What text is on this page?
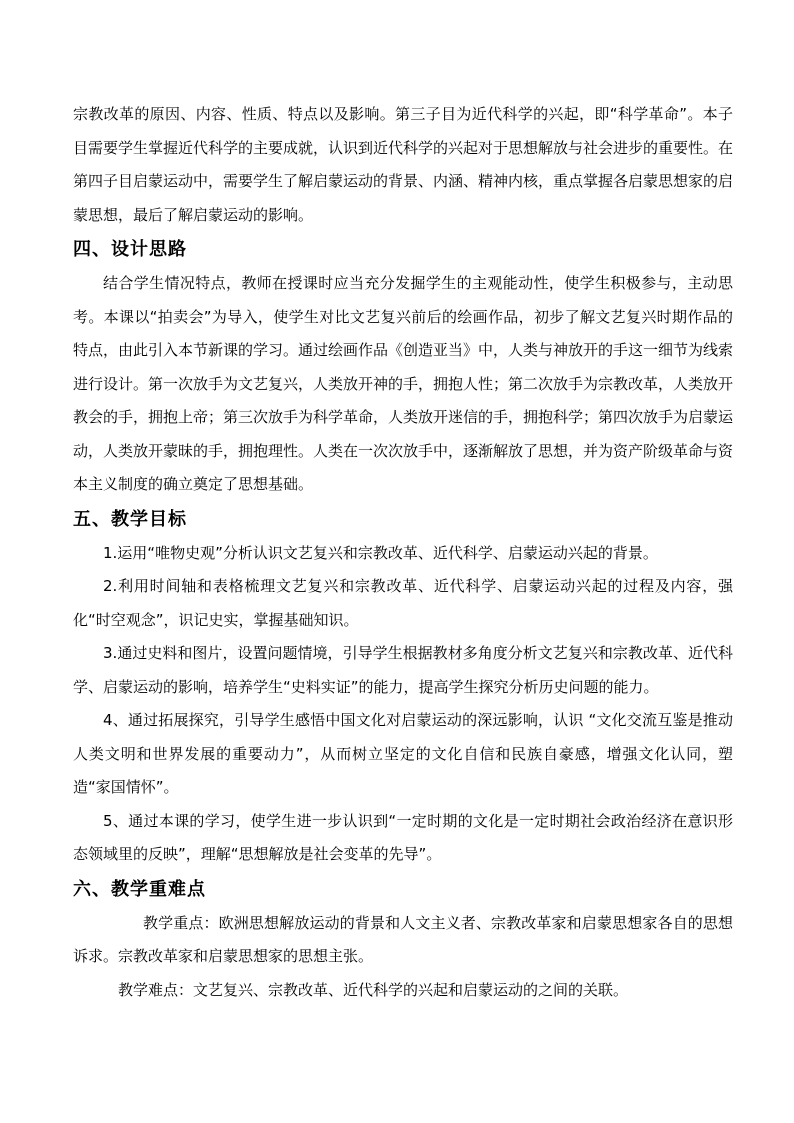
宗教改革的原因、内容、性质、特点以及影响。第三子目为近代科学的兴起，即“科学革命”。本子目需要学生掌握近代科学的主要成就，认识到近代科学的兴起对于思想解放与社会进步的重要性。在第四子目启蒙运动中，需要学生了解启蒙运动的背景、内涵、精神内核，重点掌握各启蒙思想家的启蒙思想，最后了解启蒙运动的影响。

四、设计思路

结合学生情况特点，教师在授课时应当充分发掘学生的主观能动性，使学生积极参与，主动思考。本课以“拍卖会”为导入，使学生对比文艺复兴前后的绘画作品，初步了解文艺复兴时期作品的特点，由此引入本节新课的学习。通过绘画作品《创造亚当》中，人类与神放开的手这一细节为线索进行设计。第一次放手为文艺复兴，人类放开神的手，拥抱人性；第二次放手为宗教改革，人类放开教会的手，拥抱上帝；第三次放手为科学革命，人类放开迷信的手，拥抱科学；第四次放手为启蒙运动，人类放开蒙昧的手，拥抱理性。人类在一次次放手中，逐渐解放了思想，并为资产阶级革命与资本主义制度的确立奠定了思想基础。

五、教学目标

1.运用“唯物史观”分析认识文艺复兴和宗教改革、近代科学、启蒙运动兴起的背景。

2.利用时间轴和表格梳理文艺复兴和宗教改革、近代科学、启蒙运动兴起的过程及内容，强化“时空观念”，识记史实，掌握基础知识。

3.通过史料和图片，设置问题情境，引导学生根据教材多角度分析文艺复兴和宗教改革、近代科学、启蒙运动的影响，培养学生“史料实证”的能力，提高学生探究分析历史问题的能力。

4、通过拓展探究，引导学生感悟中国文化对启蒙运动的深远影响，认识 “文化交流互鉴是推动人类文明和世界发展的重要动力”，从而树立坚定的文化自信和民族自豪感，增强文化认同，塑造“家国情怀”。

5、通过本课的学习，使学生进一步认识到“一定时期的文化是一定时期社会政治经济在意识形态领域里的反映”，理解“思想解放是社会变革的先导”。

六、教学重难点

教学重点：欧洲思想解放运动的背景和人文主义者、宗教改革家和启蒙思想家各自的思想诉求。宗教改革家和启蒙思想家的思想主张。

教学难点：文艺复兴、宗教改革、近代科学的兴起和启蒙运动的之间的关联。
